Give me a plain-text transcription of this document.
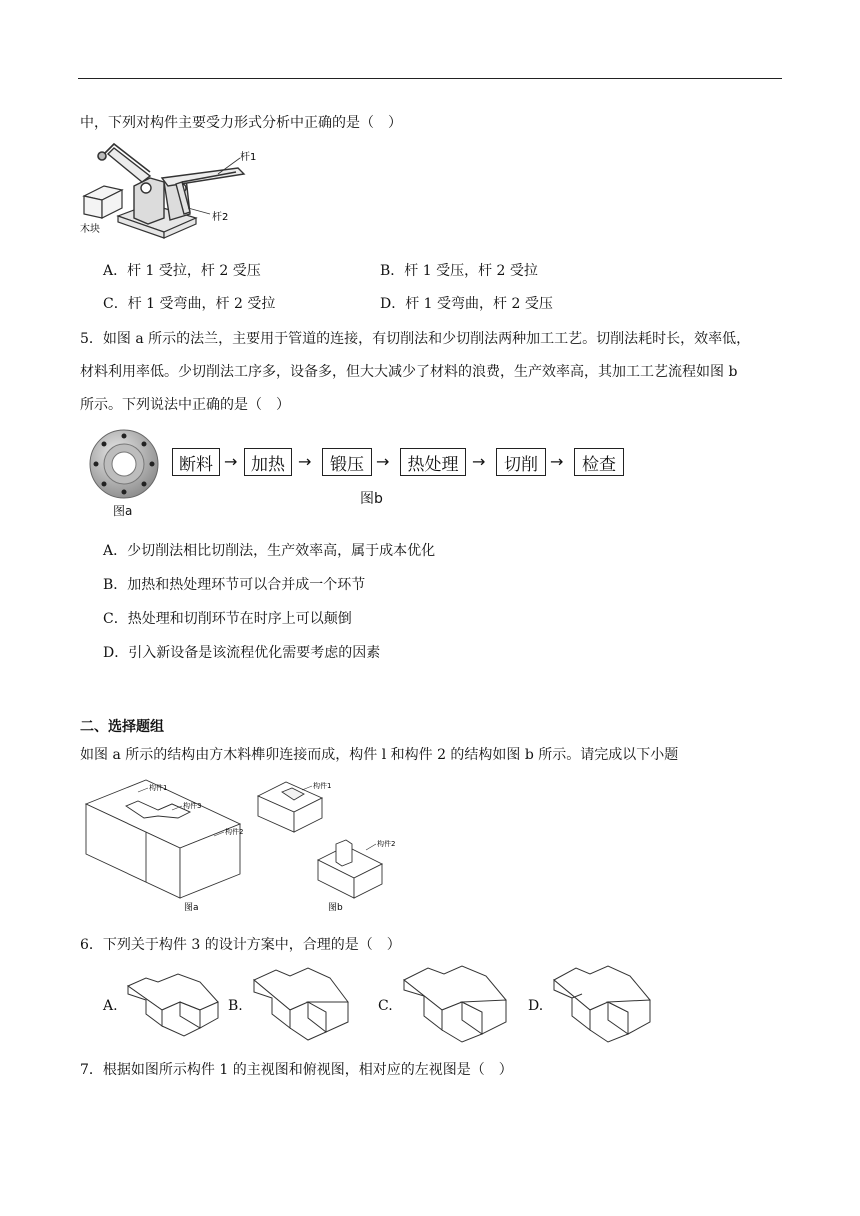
中，下列对构件主要受力形式分析中正确的是（　）
杆1
杆2
木块
A．杆 1 受拉，杆 2 受压	B．杆 1 受压，杆 2 受拉
C．杆 1 受弯曲，杆 2 受拉	D．杆 1 受弯曲，杆 2 受压
5．如图 a 所示的法兰，主要用于管道的连接，有切削法和少切削法两种加工工艺。切削法耗时长，效率低，
材料利用率低。少切削法工序多，设备多，但大大减少了材料的浪费，生产效率高，其加工工艺流程如图 b
所示。下列说法中正确的是（　）
图a
断料 → 加热 →	锻压 →	热处理 →	切削 →	检查
图b
A．少切削法相比切削法，生产效率高，属于成本优化
B．加热和热处理环节可以合并成一个环节
C．热处理和切削环节在时序上可以颠倒
D．引入新设备是该流程优化需要考虑的因素
二、选择题组
如图 a 所示的结构由方木料榫卯连接而成，构件 l 和构件 2 的结构如图 b 所示。请完成以下小题
构件1
构件3
构件2
图a
构件1
构件2
图b
6．下列关于构件 3 的设计方案中，合理的是（　）
A.	B.	C.	D.
7．根据如图所示构件 1 的主视图和俯视图，相对应的左视图是（　）
